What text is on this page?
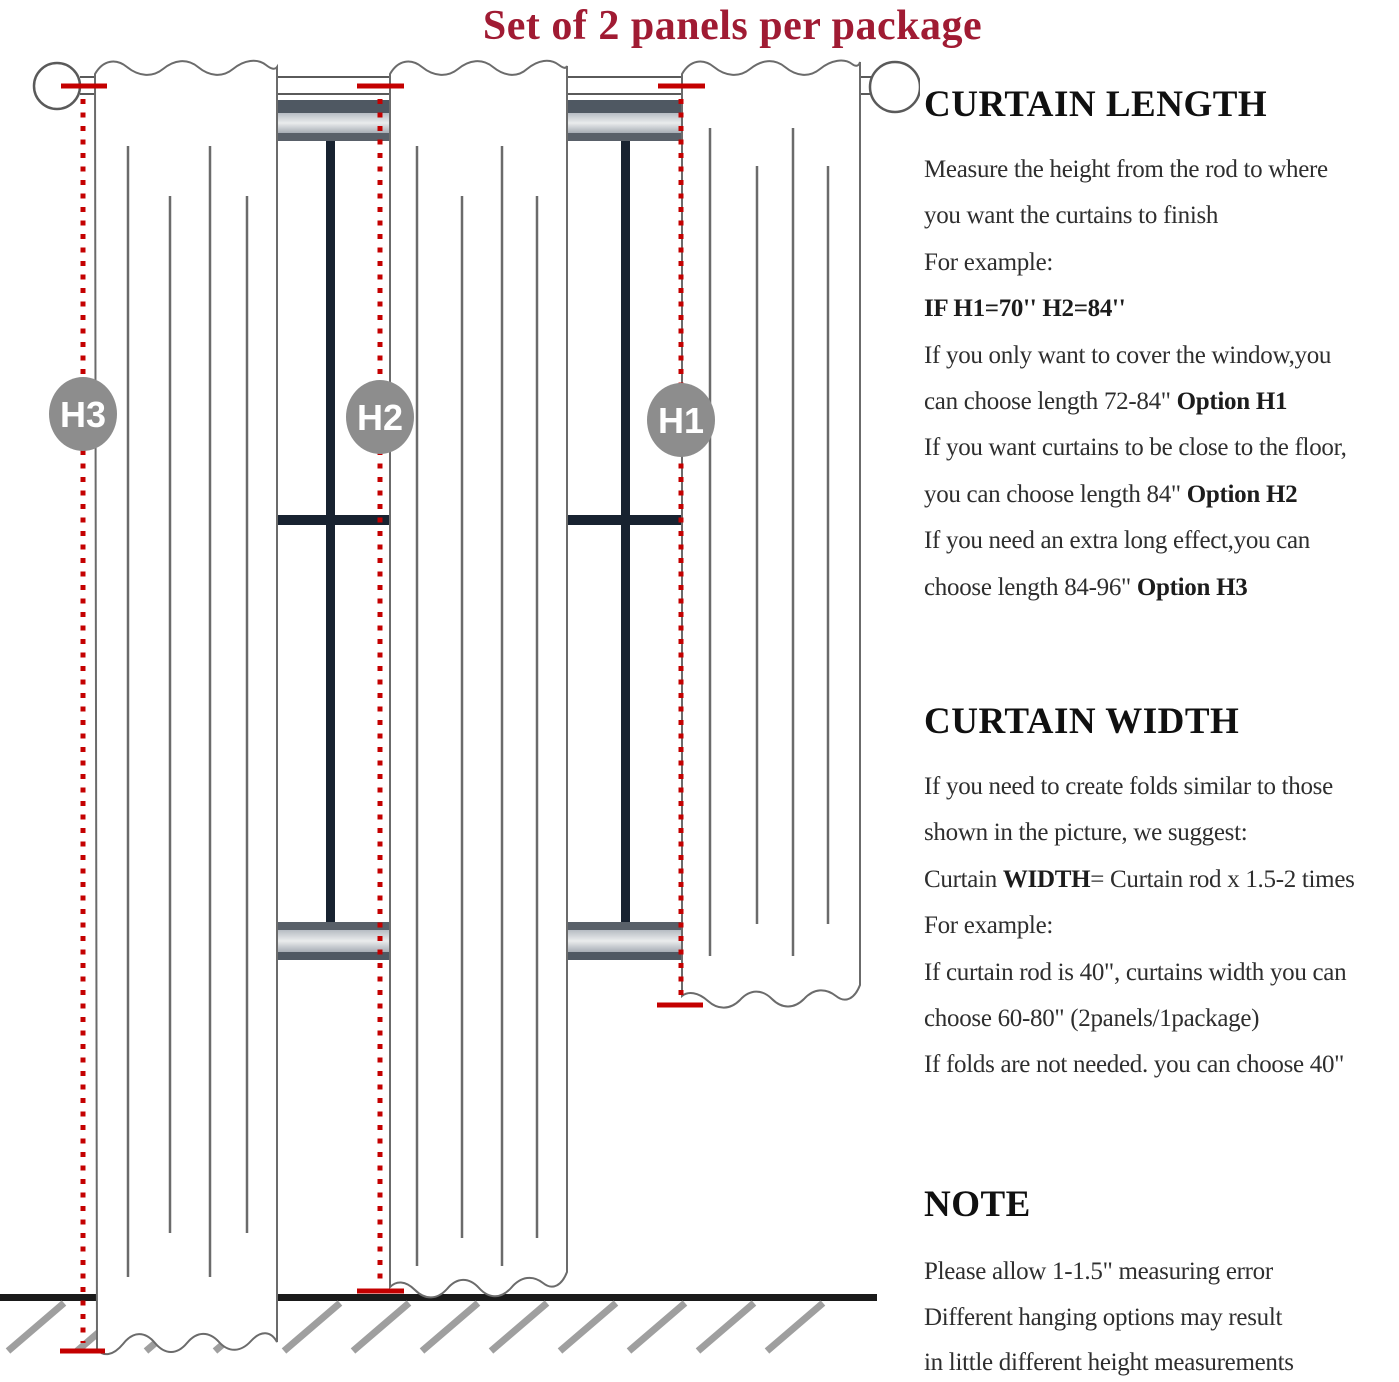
Set of 2 panels per package
H3	H2	H1
CURTAIN LENGTH
Measure the height from the rod to where
you want the curtains to finish
For example:
IF H1=70'' H2=84''
If you only want to cover the window,you
can choose length 72-84" Option H1
If you want curtains to be close to the floor,
you can choose length 84" Option H2
If you need an extra long effect,you can
choose length 84-96" Option H3
CURTAIN WIDTH
If you need to create folds similar to those
shown in the picture, we suggest:
Curtain WIDTH= Curtain rod x 1.5-2 times
For example:
If curtain rod is 40", curtains width you can
choose 60-80" (2panels/1package)
If folds are not needed. you can choose 40"
NOTE
Please allow 1-1.5" measuring error
Different hanging options may result
in little different height measurements
